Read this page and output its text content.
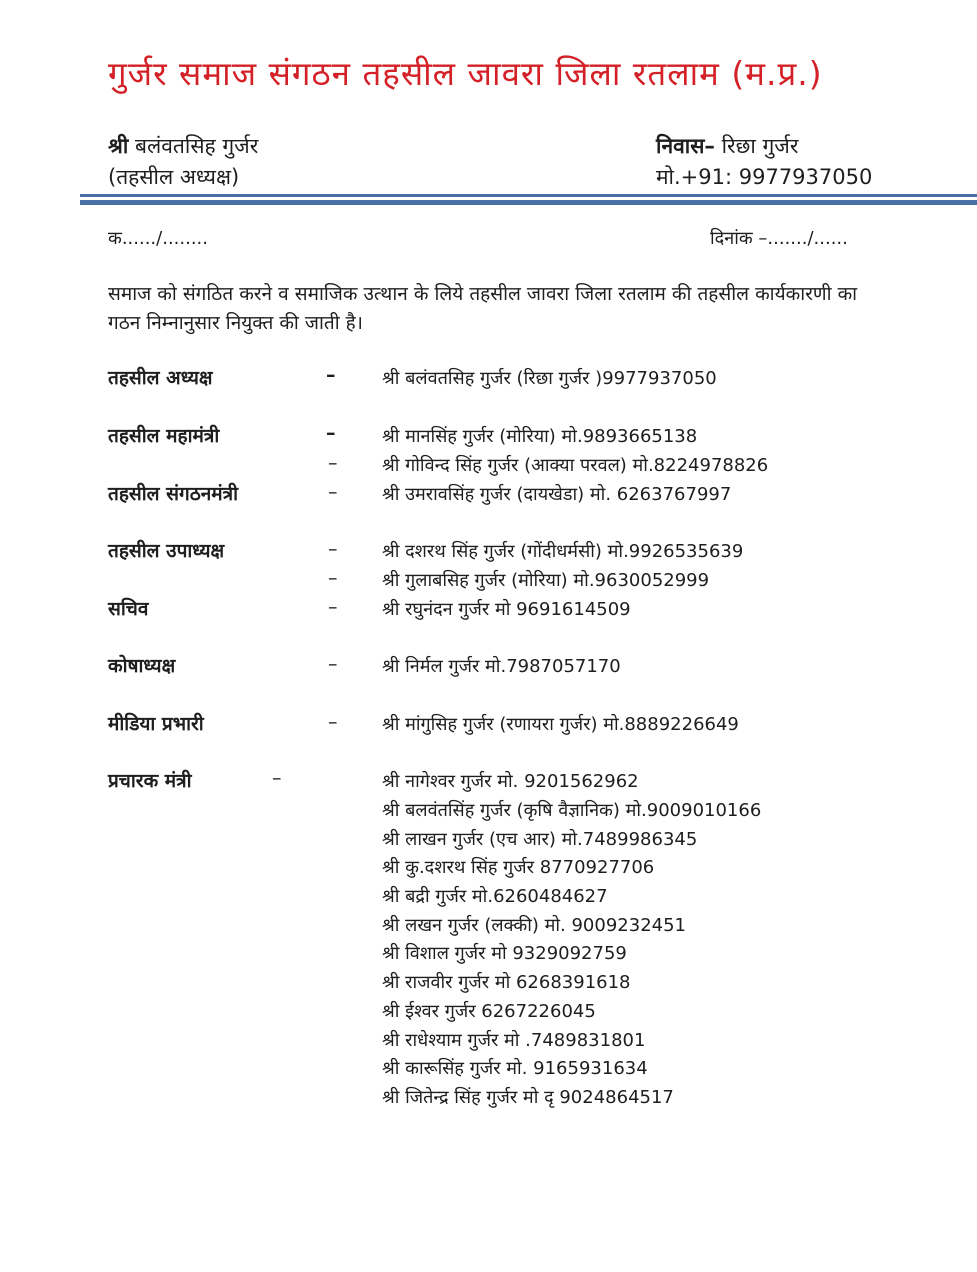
गुर्जर समाज संगठन तहसील जावरा जिला रतलाम (म.प्र.)
श्री बलंवतसिह गुर्जर
(तहसील अध्यक्ष)
निवास– रिछा गुर्जर
मो.+91: 9977937050
क....../........	दिनांक –......./......
समाज को संगठित करने व समाजिक उत्थान के लिये तहसील जावरा जिला रतलाम की तहसील कार्यकारणी का गठन निम्नानुसार नियुक्त की जाती है।
तहसील अध्यक्ष	–	श्री बलंवतसिह गुर्जर (रिछा गुर्जर )9977937050
तहसील महामंत्री	–	श्री मानसिंह गुर्जर (मोरिया) मो.9893665138
– श्री गोविन्द सिंह गुर्जर (आक्या परवल) मो.8224978826
तहसील संगठनमंत्री	– श्री उमरावसिंह गुर्जर (दायखेडा) मो. 6263767997
तहसील उपाध्यक्ष	– श्री दशरथ सिंह गुर्जर (गोंदीधर्मसी) मो.9926535639
– श्री गुलाबसिह गुर्जर (मोरिया) मो.9630052999
सचिव	– श्री रघुनंदन गुर्जर मो 9691614509
कोषाध्यक्ष	– श्री निर्मल गुर्जर मो.7987057170
मीडिया प्रभारी	– श्री मांगुसिह गुर्जर (रणायरा गुर्जर) मो.8889226649
प्रचारक मंत्री	–	श्री नागेश्वर गुर्जर मो. 9201562962
श्री बलवंतसिंह गुर्जर (कृषि वैज्ञानिक) मो.9009010166
श्री लाखन गुर्जर (एच आर) मो.7489986345
श्री कु.दशरथ सिंह गुर्जर 8770927706
श्री बद्री गुर्जर मो.6260484627
श्री लखन गुर्जर (लक्की) मो. 9009232451
श्री विशाल गुर्जर मो 9329092759
श्री राजवीर गुर्जर मो 6268391618
श्री ईश्वर गुर्जर 6267226045
श्री राधेश्याम गुर्जर मो .7489831801
श्री कारूसिंह गुर्जर मो. 9165931634
श्री जितेन्द्र सिंह गुर्जर मो दृ 9024864517
